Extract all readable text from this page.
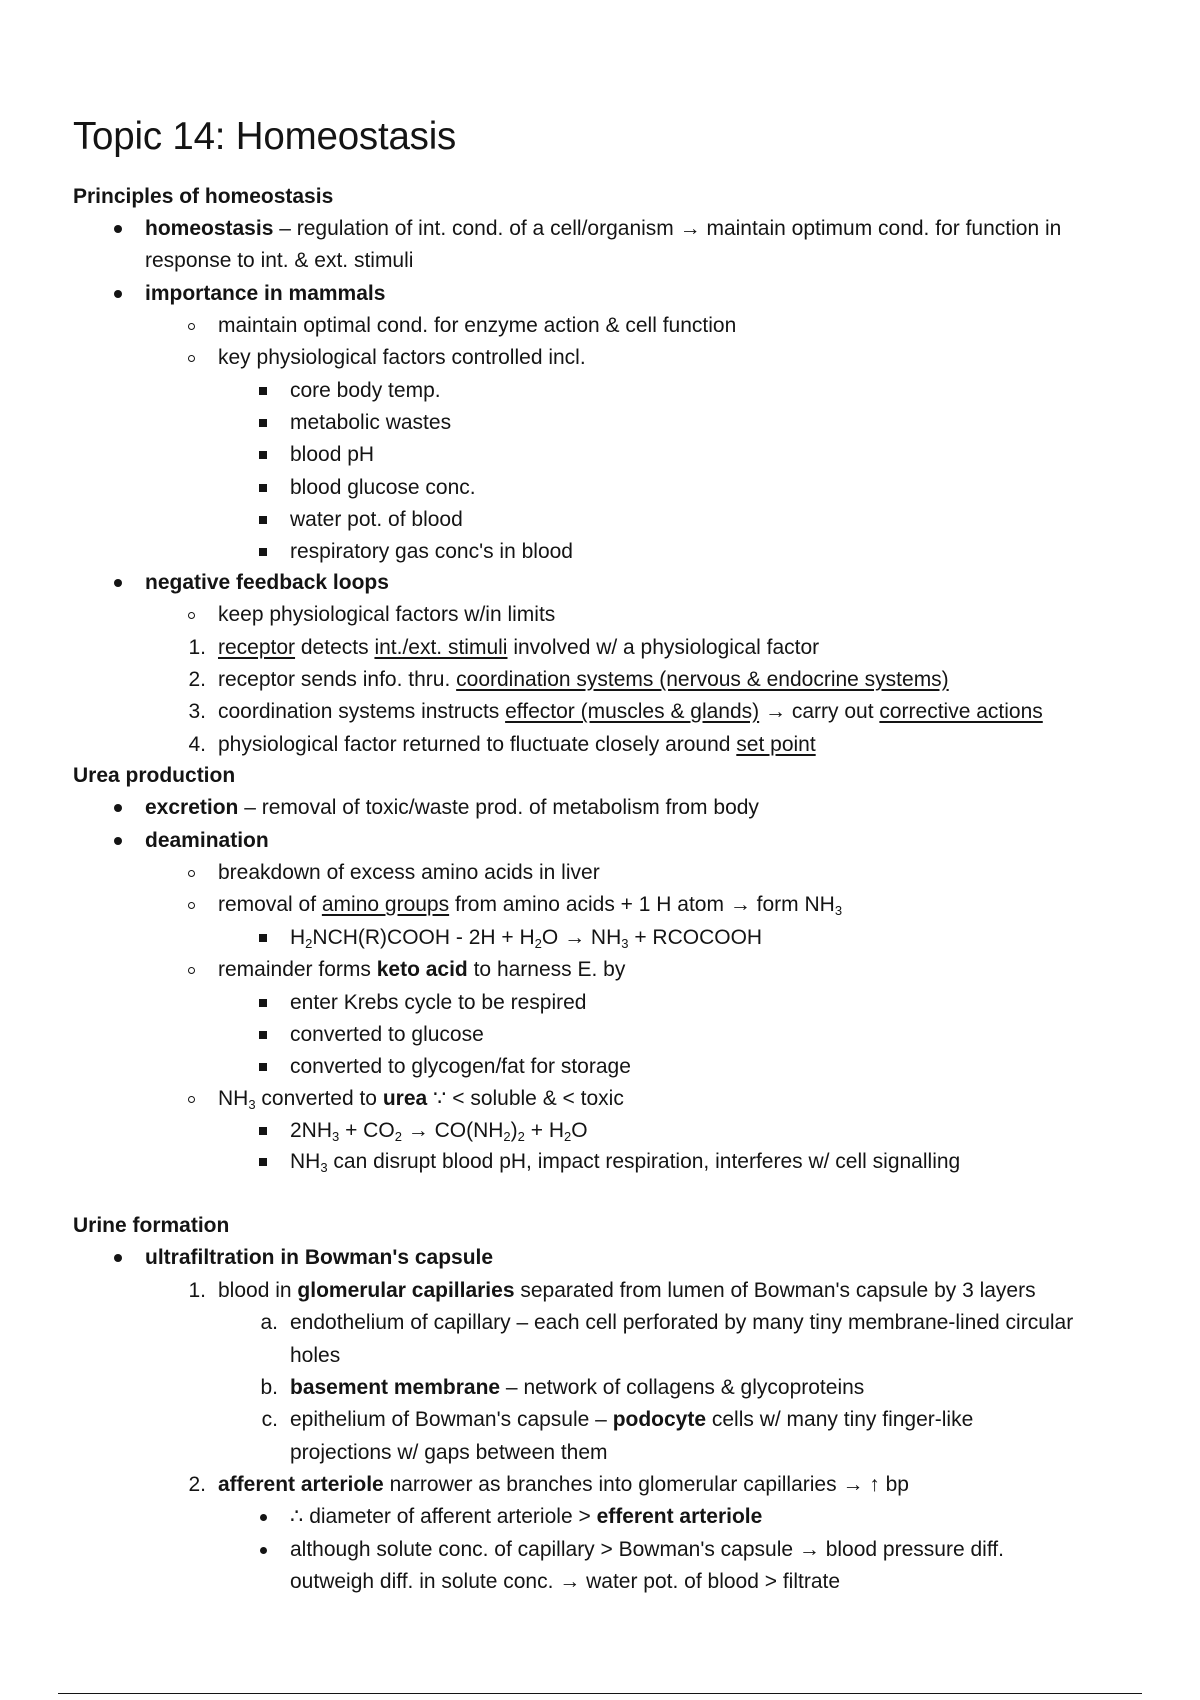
Topic 14: Homeostasis
Principles of homeostasis
homeostasis – regulation of int. cond. of a cell/organism → maintain optimum cond. for function in
response to int. & ext. stimuli
importance in mammals
maintain optimal cond. for enzyme action & cell function
key physiological factors controlled incl.
core body temp.
metabolic wastes
blood pH
blood glucose conc.
water pot. of blood
respiratory gas conc's in blood
negative feedback loops
keep physiological factors w/in limits
1. receptor detects int./ext. stimuli involved w/ a physiological factor
2. receptor sends info. thru. coordination systems (nervous & endocrine systems)
3. coordination systems instructs effector (muscles & glands) → carry out corrective actions
4. physiological factor returned to fluctuate closely around set point
Urea production
excretion – removal of toxic/waste prod. of metabolism from body
deamination
breakdown of excess amino acids in liver
removal of amino groups from amino acids + 1 H atom → form $NH_3$
$H_2NCH(R)COOH - 2H + H_2O \to NH_3$ + RCOCOOH
remainder forms keto acid to harness E. by
enter Krebs cycle to be respired
converted to glucose
converted to glycogen/fat for storage
$NH_3$ converted to urea ∵ < soluble & < toxic
$2NH_3 + CO_2 \to CO(NH_2)_2 + H_2O$
$NH_3$ can disrupt blood pH, impact respiration, interferes w/ cell signalling
Urine formation
ultrafiltration in Bowman's capsule
1. blood in glomerular capillaries separated from lumen of Bowman's capsule by 3 layers
a. endothelium of capillary – each cell perforated by many tiny membrane-lined circular
holes
b. basement membrane – network of collagens & glycoproteins
c. epithelium of Bowman's capsule – podocyte cells w/ many tiny finger-like
projections w/ gaps between them
2. afferent arteriole narrower as branches into glomerular capillaries → ↑ bp
∴ diameter of afferent arteriole > efferent arteriole
although solute conc. of capillary > Bowman's capsule → blood pressure diff.
outweigh diff. in solute conc. → water pot. of blood > filtrate
